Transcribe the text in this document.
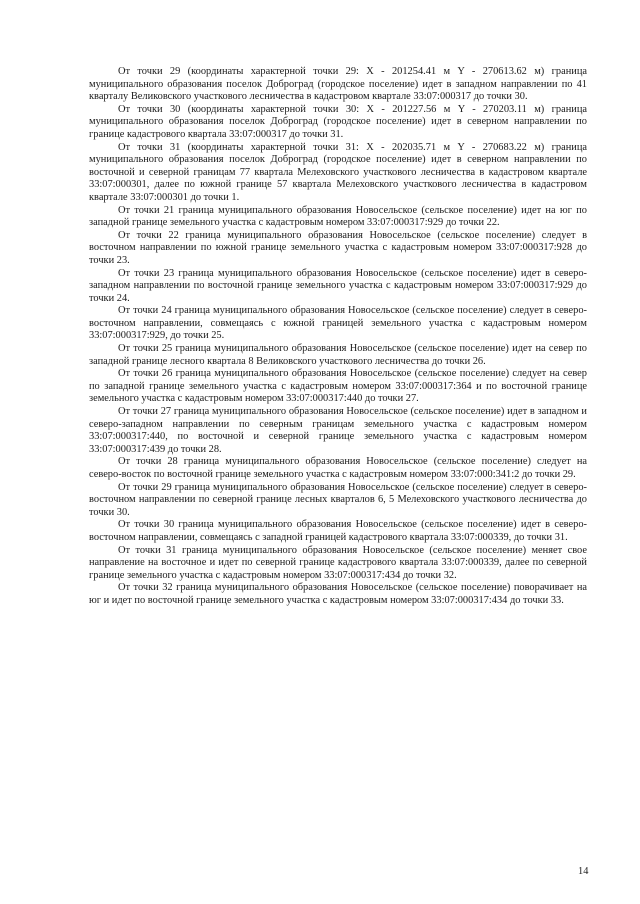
От точки 29 (координаты характерной точки 29: X - 201254.41 м Y - 270613.62 м) граница муниципального образования поселок Доброград (городское поселение) идет в западном направлении по 41 кварталу Великовского участкового лесничества в кадастровом квартале 33:07:000317 до точки 30.

От точки 30 (координаты характерной точки 30: X - 201227.56 м Y - 270203.11 м) граница муниципального образования поселок Доброград (городское поселение) идет в северном направлении по границе кадастрового квартала 33:07:000317 до точки 31.

От точки 31 (координаты характерной точки 31: X - 202035.71 м Y - 270683.22 м) граница муниципального образования поселок Доброград (городское поселение) идет в северном направлении по восточной и северной границам 77 квартала Мелеховского участкового лесничества в кадастровом квартале 33:07:000301, далее по южной границе 57 квартала Мелеховского участкового лесничества в кадастровом квартале 33:07:000301 до точки 1.

От точки 21 граница муниципального образования Новосельское (сельское поселение) идет на юг по западной границе земельного участка с кадастровым номером 33:07:000317:929 до точки 22.

От точки 22 граница муниципального образования Новосельское (сельское поселение) следует в восточном направлении по южной границе земельного участка с кадастровым номером 33:07:000317:928 до точки 23.

От точки 23 граница муниципального образования Новосельское (сельское поселение) идет в северо-западном направлении по восточной границе земельного участка с кадастровым номером 33:07:000317:929 до точки 24.

От точки 24 граница муниципального образования Новосельское (сельское поселение) следует в северо-восточном направлении, совмещаясь с южной границей земельного участка с кадастровым номером 33:07:000317:929, до точки 25.

От точки 25 граница муниципального образования Новосельское (сельское поселение) идет на север по западной границе лесного квартала 8 Великовского участкового лесничества до точки 26.

От точки 26 граница муниципального образования Новосельское (сельское поселение) следует на север по западной границе земельного участка с кадастровым номером 33:07:000317:364 и по восточной границе земельного участка с кадастровым номером 33:07:000317:440 до точки 27.

От точки 27 граница муниципального образования Новосельское (сельское поселение) идет в западном и северо-западном направлении по северным границам земельного участка с кадастровым номером 33:07:000317:440, по восточной и северной границе земельного участка с кадастровым номером 33:07:000317:439 до точки 28.

От точки 28 граница муниципального образования Новосельское (сельское поселение) следует на северо-восток по восточной границе земельного участка с кадастровым номером 33:07:000:341:2 до точки 29.

От точки 29 граница муниципального образования Новосельское (сельское поселение) следует в северо-восточном направлении по северной границе лесных кварталов 6, 5 Мелеховского участкового лесничества до точки 30.

От точки 30 граница муниципального образования Новосельское (сельское поселение) идет в северо-восточном направлении, совмещаясь с западной границей кадастрового квартала 33:07:000339, до точки 31.

От точки 31 граница муниципального образования Новосельское (сельское поселение) меняет свое направление на восточное и идет по северной границе кадастрового квартала 33:07:000339, далее по северной границе земельного участка с кадастровым номером 33:07:000317:434 до точки 32.

От точки 32 граница муниципального образования Новосельское (сельское поселение) поворачивает на юг и идет по восточной границе земельного участка с кадастровым номером 33:07:000317:434 до точки 33.

14
